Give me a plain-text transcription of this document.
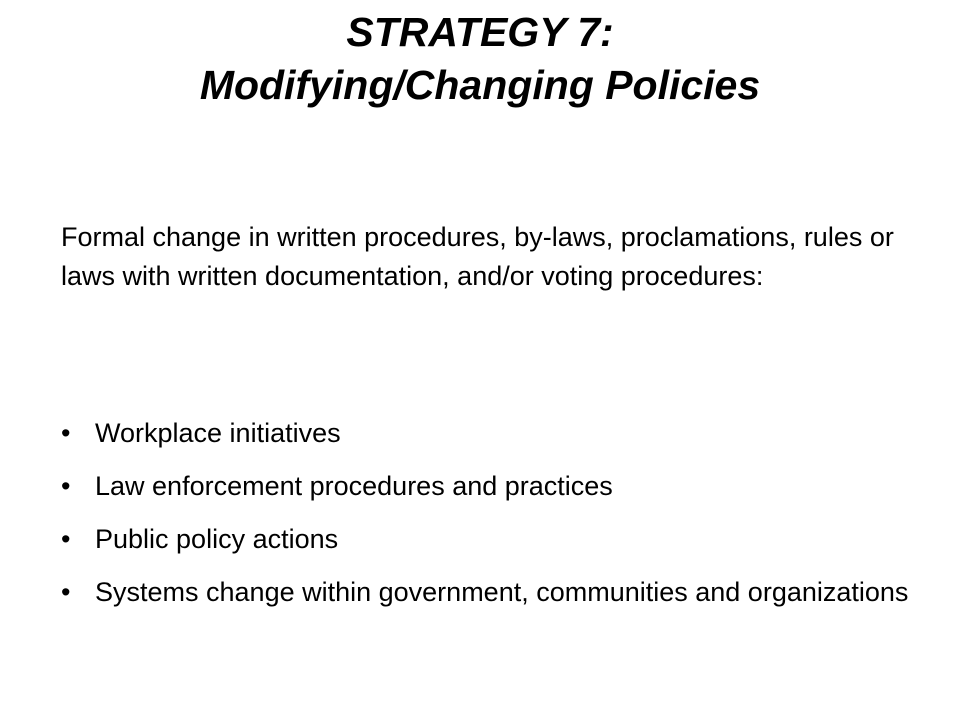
STRATEGY 7:
Modifying/Changing Policies

Formal change in written procedures, by-laws, proclamations, rules or laws with written documentation, and/or voting procedures:

• Workplace initiatives
• Law enforcement procedures and practices
• Public policy actions
• Systems change within government, communities and organizations
